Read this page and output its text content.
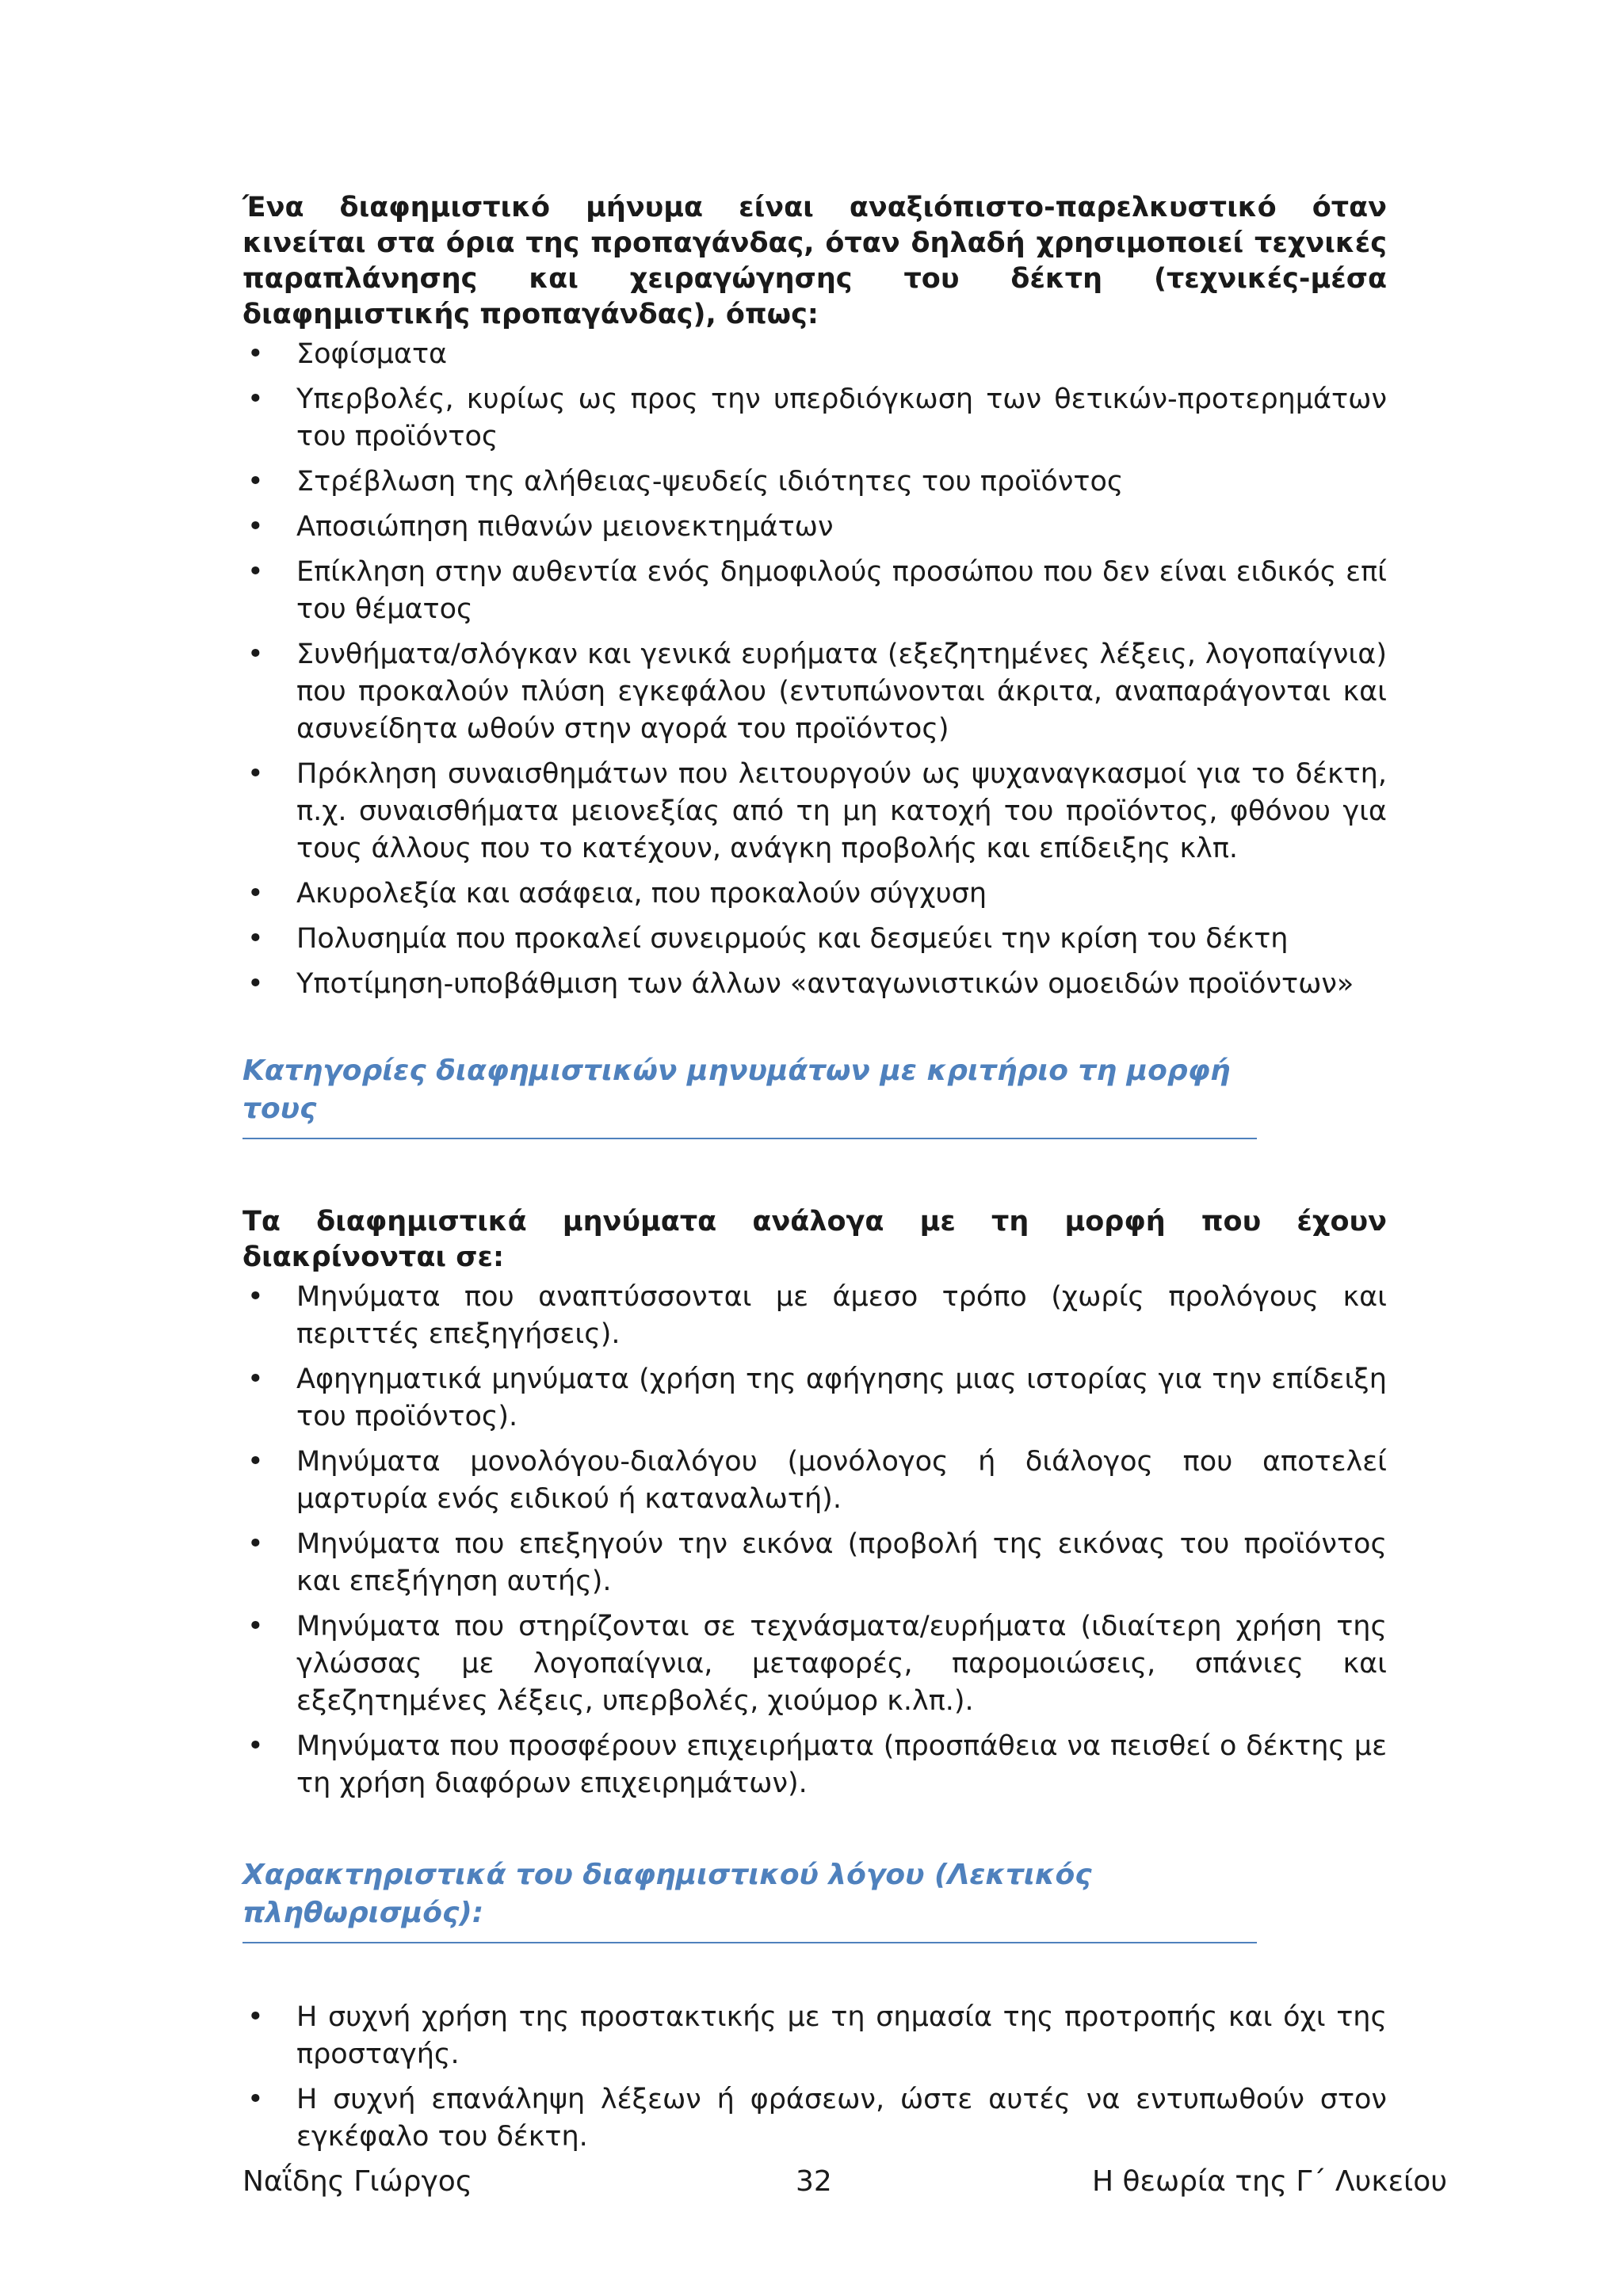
Ένα διαφημιστικό μήνυμα είναι αναξιόπιστο-παρελκυστικό όταν κινείται στα όρια της προπαγάνδας, όταν δηλαδή χρησιμοποιεί τεχνικές παραπλάνησης και χειραγώγησης του δέκτη (τεχνικές-μέσα διαφημιστικής προπαγάνδας), όπως:

• Σοφίσματα
• Υπερβολές, κυρίως ως προς την υπερδιόγκωση των θετικών-προτερημάτων του προϊόντος
• Στρέβλωση της αλήθειας-ψευδείς ιδιότητες του προϊόντος
• Αποσιώπηση πιθανών μειονεκτημάτων
• Επίκληση στην αυθεντία ενός δημοφιλούς προσώπου που δεν είναι ειδικός επί του θέματος
• Συνθήματα/σλόγκαν και γενικά ευρήματα (εξεζητημένες λέξεις, λογοπαίγνια) που προκαλούν πλύση εγκεφάλου (εντυπώνονται άκριτα, αναπαράγονται και ασυνείδητα ωθούν στην αγορά του προϊόντος)
• Πρόκληση συναισθημάτων που λειτουργούν ως ψυχαναγκασμοί για το δέκτη, π.χ. συναισθήματα μειονεξίας από τη μη κατοχή του προϊόντος, φθόνου για τους άλλους που το κατέχουν, ανάγκη προβολής και επίδειξης κλπ.
• Ακυρολεξία και ασάφεια, που προκαλούν σύγχυση
• Πολυσημία που προκαλεί συνειρμούς και δεσμεύει την κρίση του δέκτη
• Υποτίμηση-υποβάθμιση των άλλων «ανταγωνιστικών ομοειδών προϊόντων»
Κατηγορίες διαφημιστικών μηνυμάτων με κριτήριο τη μορφή τους

Τα διαφημιστικά μηνύματα ανάλογα με τη μορφή που έχουν διακρίνονται σε:

• Μηνύματα που αναπτύσσονται με άμεσο τρόπο (χωρίς προλόγους και περιττές επεξηγήσεις).
• Αφηγηματικά μηνύματα (χρήση της αφήγησης μιας ιστορίας για την επίδειξη του προϊόντος).
• Μηνύματα μονολόγου-διαλόγου (μονόλογος ή διάλογος που αποτελεί μαρτυρία ενός ειδικού ή καταναλωτή).
• Μηνύματα που επεξηγούν την εικόνα (προβολή της εικόνας του προϊόντος και επεξήγηση αυτής).
• Μηνύματα που στηρίζονται σε τεχνάσματα/ευρήματα (ιδιαίτερη χρήση της γλώσσας με λογοπαίγνια, μεταφορές, παρομοιώσεις, σπάνιες και εξεζητημένες λέξεις, υπερβολές, χιούμορ κ.λπ.).
• Μηνύματα που προσφέρουν επιχειρήματα (προσπάθεια να πεισθεί ο δέκτης με τη χρήση διαφόρων επιχειρημάτων).
Χαρακτηριστικά του διαφημιστικού λόγου (Λεκτικός πληθωρισμός):
• Η συχνή χρήση της προστακτικής με τη σημασία της προτροπής και όχι της προσταγής.
• Η συχνή επανάληψη λέξεων ή φράσεων, ώστε αυτές να εντυπωθούν στον εγκέφαλο του δέκτη.
Ναΐδης Γιώργος	32	Η θεωρία της Γ΄ Λυκείου
